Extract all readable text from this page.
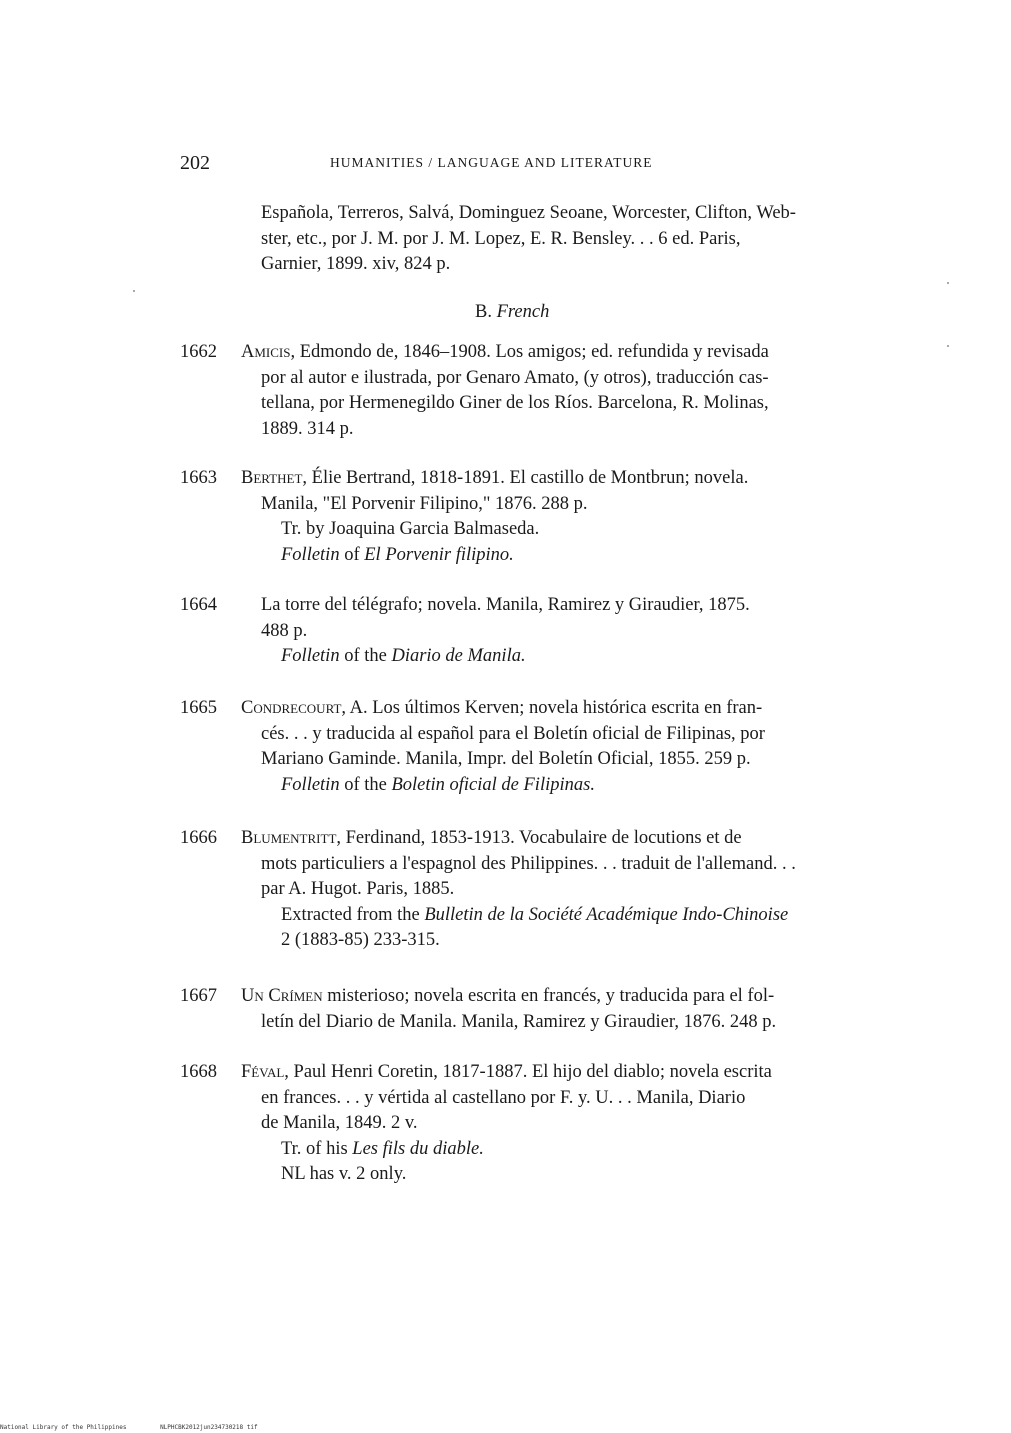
202	HUMANITIES / LANGUAGE AND LITERATURE
Española, Terreros, Salvá, Dominguez Seoane, Worcester, Clifton, Web-
ster, etc., por J. M. por J. M. Lopez, E. R. Bensley. . . 6 ed. Paris,
Garnier, 1899. xiv, 824 p.
B. French
1662 Amicis, Edmondo de, 1846–1908. Los amigos; ed. refundida y revisada
por al autor e ilustrada, por Genaro Amato, (y otros), traducción cas-
tellana, por Hermenegildo Giner de los Ríos. Barcelona, R. Molinas,
1889. 314 p.
1663 Berthet, Élie Bertrand, 1818-1891. El castillo de Montbrun; novela.
Manila, "El Porvenir Filipino," 1876. 288 p.
Tr. by Joaquina Garcia Balmaseda.
Folletin of El Porvenir filipino.
1664	La torre del télégrafo; novela. Manila, Ramirez y Giraudier, 1875.
488 p.
Folletin of the Diario de Manila.
1665 Condrecourt, A. Los últimos Kerven; novela histórica escrita en fran-
cés. . . y traducida al español para el Boletín oficial de Filipinas, por
Mariano Gaminde. Manila, Impr. del Boletín Oficial, 1855. 259 p.
Folletin of the Boletin oficial de Filipinas.
1666 Blumentritt, Ferdinand, 1853-1913. Vocabulaire de locutions et de
mots particuliers a l'espagnol des Philippines. . . traduit de l'allemand. . .
par A. Hugot. Paris, 1885.
Extracted from the Bulletin de la Société Académique Indo-Chinoise
2 (1883-85) 233-315.
1667 Un Crímen misterioso; novela escrita en francés, y traducida para el fol-
letín del Diario de Manila. Manila, Ramirez y Giraudier, 1876. 248 p.
1668 Féval, Paul Henri Coretin, 1817-1887. El hijo del diablo; novela escrita
en frances. . . y vértida al castellano por F. y. U. . . Manila, Diario
de Manila, 1849. 2 v.
Tr. of his Les fils du diable.
NL has v. 2 only.
National Library of the Philippines	NLPHCBK2012jun234730218 tif
